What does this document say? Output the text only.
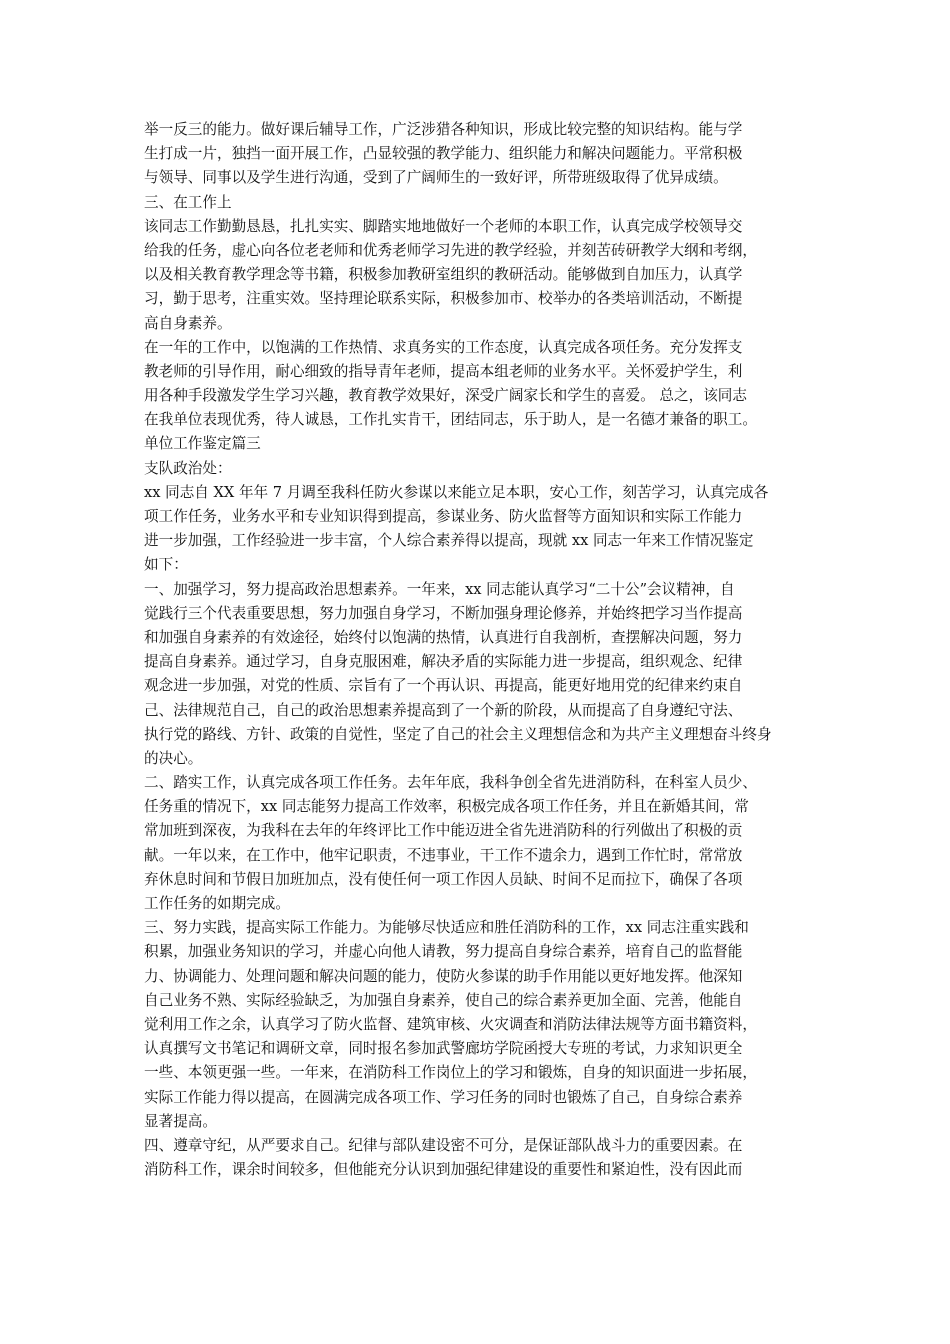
举一反三的能力。做好课后辅导工作，广泛涉猎各种知识，形成比较完整的知识结构。能与学
生打成一片，独挡一面开展工作，凸显较强的教学能力、组织能力和解决问题能力。平常积极
与领导、同事以及学生进行沟通，受到了广阔师生的一致好评，所带班级取得了优异成绩。
三、在工作上
该同志工作勤勤恳恳，扎扎实实、脚踏实地地做好一个老师的本职工作，认真完成学校领导交
给我的任务，虚心向各位老老师和优秀老师学习先进的教学经验，并刻苦砖研教学大纲和考纲，
以及相关教育教学理念等书籍，积极参加教研室组织的教研活动。能够做到自加压力，认真学
习，勤于思考，注重实效。坚持理论联系实际，积极参加市、校举办的各类培训活动，不断提
高自身素养。
在一年的工作中，以饱满的工作热情、求真务实的工作态度，认真完成各项任务。充分发挥支
教老师的引导作用，耐心细致的指导青年老师，提高本组老师的业务水平。关怀爱护学生，利
用各种手段激发学生学习兴趣，教育教学效果好，深受广阔家长和学生的喜爱。 总之，该同志
在我单位表现优秀，待人诚恳，工作扎实肯干，团结同志，乐于助人，是一名德才兼备的职工。
单位工作鉴定篇三
支队政治处：
xx 同志自 XX 年年 7 月调至我科任防火参谋以来能立足本职，安心工作，刻苦学习，认真完成各
项工作任务，业务水平和专业知识得到提高，参谋业务、防火监督等方面知识和实际工作能力
进一步加强，工作经验进一步丰富，个人综合素养得以提高，现就 xx 同志一年来工作情况鉴定
如下：
一、加强学习，努力提高政治思想素养。一年来，xx 同志能认真学习“二十公”会议精神，自
觉践行三个代表重要思想，努力加强自身学习，不断加强身理论修养，并始终把学习当作提高
和加强自身素养的有效途径，始终付以饱满的热情，认真进行自我剖析，查摆解决问题，努力
提高自身素养。通过学习，自身克服困难，解决矛盾的实际能力进一步提高，组织观念、纪律
观念进一步加强，对党的性质、宗旨有了一个再认识、再提高，能更好地用党的纪律来约束自
己、法律规范自己，自己的政治思想素养提高到了一个新的阶段，从而提高了自身遵纪守法、
执行党的路线、方针、政策的自觉性，坚定了自己的社会主义理想信念和为共产主义理想奋斗终身
的决心。
二、踏实工作，认真完成各项工作任务。去年年底，我科争创全省先进消防科，在科室人员少、
任务重的情况下，xx 同志能努力提高工作效率，积极完成各项工作任务，并且在新婚其间，常
常加班到深夜，为我科在去年的年终评比工作中能迈进全省先进消防科的行列做出了积极的贡
献。一年以来，在工作中，他牢记职责，不违事业，干工作不遗余力，遇到工作忙时，常常放
弃休息时间和节假日加班加点，没有使任何一项工作因人员缺、时间不足而拉下，确保了各项
工作任务的如期完成。
三、努力实践，提高实际工作能力。为能够尽快适应和胜任消防科的工作，xx 同志注重实践和
积累，加强业务知识的学习，并虚心向他人请教，努力提高自身综合素养，培育自己的监督能
力、协调能力、处理问题和解决问题的能力，使防火参谋的助手作用能以更好地发挥。他深知
自己业务不熟、实际经验缺乏，为加强自身素养，使自己的综合素养更加全面、完善，他能自
觉利用工作之余，认真学习了防火监督、建筑审核、火灾调查和消防法律法规等方面书籍资料，
认真撰写文书笔记和调研文章，同时报名参加武警廊坊学院函授大专班的考试，力求知识更全
一些、本领更强一些。一年来，在消防科工作岗位上的学习和锻炼，自身的知识面进一步拓展，
实际工作能力得以提高，在圆满完成各项工作、学习任务的同时也锻炼了自己，自身综合素养
显著提高。
四、遵章守纪，从严要求自己。纪律与部队建设密不可分，是保证部队战斗力的重要因素。在
消防科工作，课余时间较多，但他能充分认识到加强纪律建设的重要性和紧迫性，没有因此而
